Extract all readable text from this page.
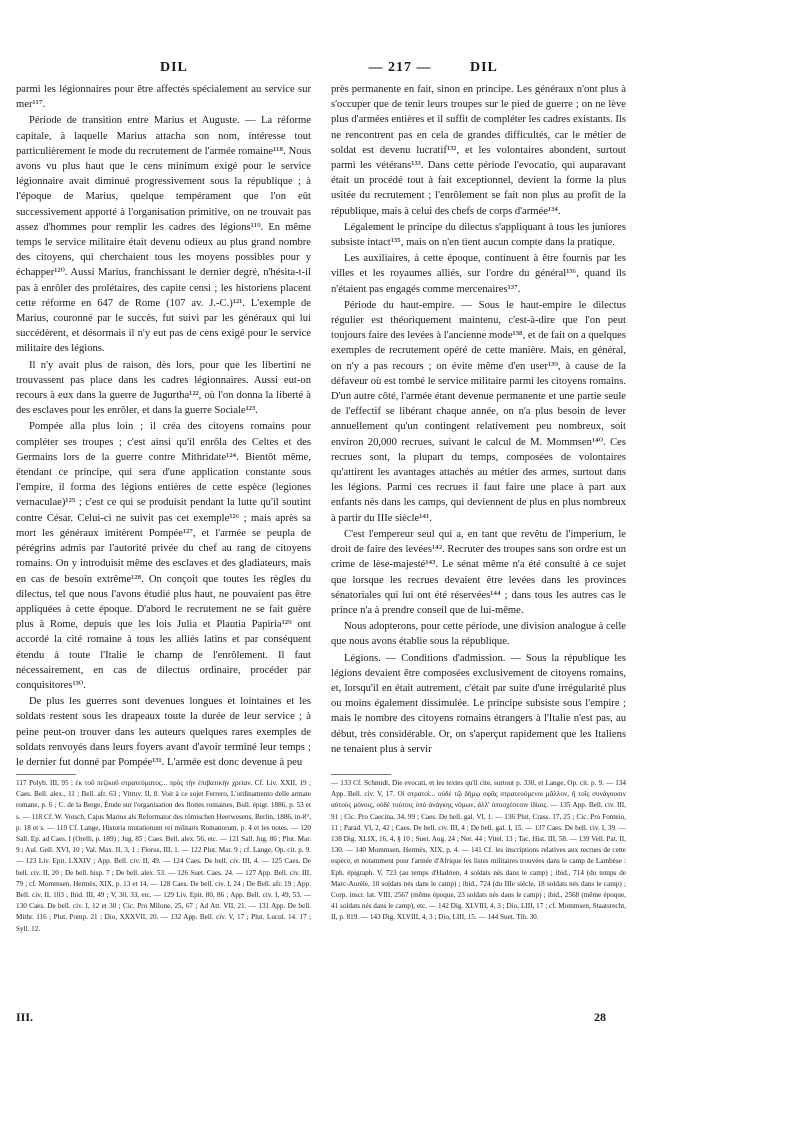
DIL	— 217 —	DIL

parmi les légionnaires pour être affectés spécialement au service sur mer¹¹⁷.

Période de transition entre Marius et Auguste. — La réforme capitale, à laquelle Marius attacha son nom, intéresse tout particulièrement le mode du recrutement de l'armée romaine¹¹⁸. Nous avons vu plus haut que le cens minimum exigé pour le service légionnaire avait diminué progressivement sous la république ; à l'époque de Marius, quelque tempérament que l'on eût successivement apporté à l'organisation primitive, on ne trouvait pas assez d'hommes pour remplir les cadres des légions¹¹⁹. En même temps le service militaire était devenu odieux au plus grand nombre des citoyens, qui cherchaient tous les moyens possibles pour y échapper¹²⁰. Aussi Marius, franchissant le dernier degré, n'hésita-t-il pas à enrôler des prolétaires, des capite censi ; les historiens placent cette réforme en 647 de Rome (107 av. J.-C.)¹²¹. L'exemple de Marius, couronné par le succès, fut suivi par les généraux qui lui succédèrent, et désormais il n'y eut pas de cens exigé pour le service militaire des légions.

Il n'y avait plus de raison, dès lors, pour que les libertini ne trouvassent pas place dans les cadres légionnaires. Aussi eut-on recours à eux dans la guerre de Jugurtha¹²², où l'on donna la liberté à des esclaves pour les enrôler, et dans la guerre Sociale¹²³.

Pompée alla plus loin ; il créa des citoyens romains pour compléter ses troupes ; c'est ainsi qu'il enrôla des Celtes et des Germains lors de la guerre contre Mithridate¹²⁴. Bientôt même, étendant ce principe, qui sera d'une application constante sous l'empire, il forma des légions entières de cette espèce (legiones vernaculae)¹²⁵ ; c'est ce qui se produisit pendant la lutte qu'il soutint contre César. Celui-ci ne suivit pas cet exemple¹²⁶ ; mais après sa mort les généraux imitèrent Pompée¹²⁷, et l'armée se peupla de pérégrins admis par l'autorité privée du chef au rang de citoyens romains. On y introduisit même des esclaves et des gladiateurs, mais en cas de besoin extrême¹²⁸. On conçoit que toutes les règles du dilectus, tel que nous l'avons étudié plus haut, ne pouvaient pas être appliquées à cette époque. D'abord le recrutement ne se fait guère plus à Rome, depuis que les lois Julia et Plautia Papiria¹²⁹ ont accordé la cité romaine à tous les alliés latins et par conséquent étendu à toute l'Italie le champ de l'enrôlement. Il faut nécessairement, en cas de dilectus ordinaire, procéder par conquisitores¹³⁰.

De plus les guerres sont devenues longues et lointaines et les soldats restent sous les drapeaux toute la durée de leur service ; à peine peut-on trouver dans les auteurs quelques rares exemples de soldats renvoyés dans leurs foyers avant d'avoir terminé leur temps ; le dernier fut donné par Pompée¹³¹. L'armée est donc devenue à peu

près permanente en fait, sinon en principe. Les généraux n'ont plus à s'occuper que de tenir leurs troupes sur le pied de guerre ; on ne lève plus d'armées entières et il suffit de compléter les cadres existants. Ils ne rencontrent pas en cela de grandes difficultés, car le métier de soldat est devenu lucratif¹³², et les volontaires abondent, surtout parmi les vétérans¹³³. Dans cette période l'evocatio, qui auparavant était un procédé tout à fait exceptionnel, devient la forme la plus usitée du recrutement ; l'enrôlement se fait non plus au profit de la république, mais à celui des chefs de corps d'armée¹³⁴.

Légalement le principe du dilectus s'appliquant à tous les juniores subsiste intact¹³⁵, mais on n'en tient aucun compte dans la pratique.

Les auxiliaires, à cette époque, continuent à être fournis par les villes et les royaumes alliés, sur l'ordre du général¹³⁶, quand ils n'étaient pas engagés comme mercenaires¹³⁷.

Période du haut-empire. — Sous le haut-empire le dilectus régulier est théoriquement maintenu, c'est-à-dire que l'on peut toujours faire des levées à l'ancienne mode¹³⁸, et de fait on a quelques exemples de recrutement opéré de cette manière. Mais, en général, on n'y a pas recours ; on évite même d'en user¹³⁹, à cause de la défaveur où est tombé le service militaire parmi les citoyens romains. D'un autre côté, l'armée étant devenue permanente et une partie seule de l'effectif se libérant chaque année, on n'a plus besoin de lever annuellement qu'un contingent relativement peu nombreux, soit environ 20,000 recrues, suivant le calcul de M. Mommsen¹⁴⁰. Ces recrues sont, la plupart du temps, composées de volontaires qu'attirent les avantages attachés au métier des armes, surtout dans les légions. Parmi ces recrues il faut faire une place à part aux enfants nés dans les camps, qui deviennent de plus en plus nombreux à partir du IIIe siècle¹⁴¹.

C'est l'empereur seul qui a, en tant que revêtu de l'imperium, le droit de faire des levées¹⁴². Recruter des troupes sans son ordre est un crime de lèse-majesté¹⁴³. Le sénat même n'a été consulté à ce sujet que lorsque les recrues devaient être levées dans les provinces sénatoriales qui lui ont été réservées¹⁴⁴ ; dans tous les autres cas le prince n'a à prendre conseil que de lui-même.

Nous adopterons, pour cette période, une division analogue à celle que nous avons établie sous la république.

Légions. — Conditions d'admission. — Sous la république les légions devaient être composées exclusivement de citoyens romains, et, lorsqu'il en était autrement, c'était par suite d'une irrégularité plus ou moins également dissimulée. Le principe subsiste sous l'empire ; mais le nombre des citoyens romains étrangers à l'Italie n'est pas, au début, très considérable. Or, on s'aperçut rapidement que les Italiens ne tenaient plus à servir

117 Polyb. III, 95 ; ἐκ τοῦ πεζικοῦ στρατεύματος... πρὸς τὴν ἐπιβατικὴν χρείαν. Cf. Liv. XXII, 19 ; Caes. Bell. alex., 11 ; Bell. afr. 63 ; Vitruv. II, 8. Voir à ce sujet Ferrero, L'ordinamento delle armate romane, p. 6 ; C. de la Berge, Étude sur l'organisation des flottes romaines, Bull. épigr. 1886, p. 53 et s. — 118 Cf. W. Votsch, Cajus Marius als Reformator des römischen Heerwesens, Berlin, 1886, in-8°, p. 18 et s. — 119 Cf. Lange, Historia mutationum rei militaris Romanorum, p. 4 et les notes. — 120 Sall. Ep. ad Caes. I (Orelli, p. 189) ; Jug. 85 ; Caes. Bell. alex. 56, etc. — 121 Sall. Jug. 86 ; Plut. Mar. 9 ; Aul. Gell. XVI, 10 ; Val. Max. II, 3, 1 ; Florus, III, 1. — 122 Plut. Mar. 9 ; cf. Lange, Op. cit. p. 9. — 123 Liv. Epit. LXXIV ; App. Bell. civ. II, 49. — 124 Caes. De bell. civ. III, 4. — 125 Caes. De bell. civ. II, 20 ; De bell. hisp. 7 ; De bell. alex. 53. — 126 Suet. Caes. 24. — 127 App. Bell. civ. III, 79 ; cf. Mommsen, Hermès, XIX, p. 13 et 14. — 128 Caes. De bell. civ. I, 24 ; De Bell. afr. 19 ; App. Bell. civ. II, 103 ; Ibid. III, 49 ; V, 30, 33, etc. — 129 Liv. Epit. 80, 86 ; App. Bell. civ. I, 49, 53. — 130 Caes. De bell. civ. I, 12 et 30 ; Cic. Pro Milone, 25, 67 ; Ad Att. VII, 21. — 131 App. De bell. Mithr. 116 ; Plut. Pomp. 21 ; Dio, XXXVII, 20. — 132 App. Bell. civ. V, 17 ; Plut. Lucul. 14. 17 ; Syll. 12.
— 133 Cf. Schmidt, Die evocati, et les textes qu'il cite, surtout p. 330, et Lange, Op. cit. p. 9. — 134 App. Bell. civ. V, 17. Οἱ στρατοὶ... οὐδὲ τῷ δήμῳ σφᾶς στρατευόμενοι μᾶλλον, ἢ τοῖς συνάγουσιν αὐτοὺς μόνοις, οὐδὲ τούτοις ὑπὸ ἀνάγκης νόμων, ἀλλ' ὑποσχέσεσιν ἰδίαις. — 135 App. Bell. civ. III, 91 ; Cic. Pro Caecina, 34, 99 ; Caes. De bell. gal. VI, 1. — 136 Plut. Crass. 17, 25 ; Cic. Pro Fonteio, 11 ; Parad. VI, 2, 42 ; Caes. De bell. civ. III, 4 ; De bell. gal. I, 15. — 137 Caes. De bell. civ. I, 39. — 138 Dig. XLIX, 16, 4, § 10 ; Suet. Aug. 24 ; Ner. 44 ; Vitel. 13 ; Tac. Hist. III, 58. — 139 Vell. Pat. II, 130. — 140 Mommsen, Hermès, XIX, p. 4. — 141 Cf. les inscriptions relatives aux recrues de cette espèce, et notamment pour l'armée d'Afrique les listes militaires trouvées dans le camp de Lambèse : Eph. épigraph. V, 723 (au temps d'Hadrien, 4 soldats nés dans le camp) ; ibid., 714 (du temps de Marc-Aurèle, 10 soldats nés dans le camp) ; ibid., 724 (du IIIe siècle, 18 soldats nés dans le camp) ; Corp. inscr. lat. VIII, 2567 (même époque, 23 soldats nés dans le camp) ; ibid., 2568 (même époque, 41 soldats nés dans le camp), etc. — 142 Dig. XLVIII, 4, 3 ; Dio, LIII, 17 ; cf. Mommsen, Staatsrecht, II, p. 819. — 143 Dig. XLVIII, 4, 3 ; Dio, LIII, 15. — 144 Suet. Tib. 30.
III.	28
